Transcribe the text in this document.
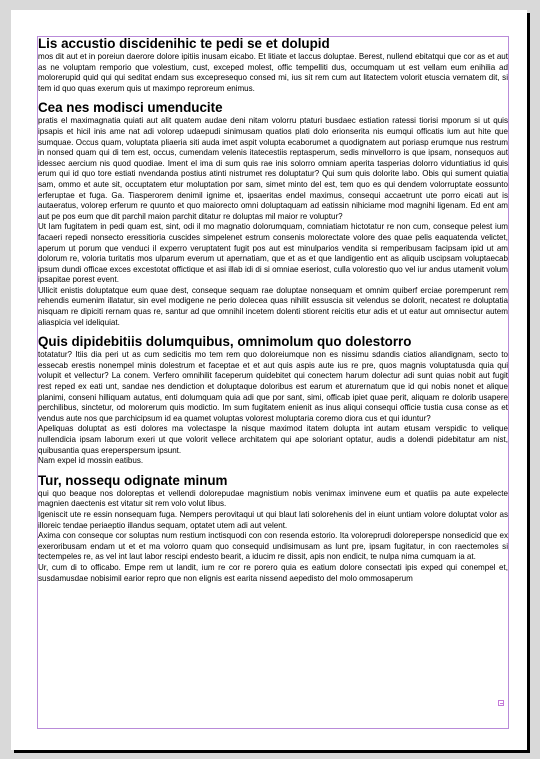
Lis accustio discidenihic te pedi se et dolupid

mos dit aut et in poreiun daerore dolore ipitiis inusam eicabo. Et litiate et laccus doluptae. Berest, nullend ebitatqui que cor as et aut as ne voluptam remporio que volestium, cust, exceped molest, offic tempelliti dus, occumquam ut est vellam eum enihilia ad molorerupid quid qui qui seditat endam sus excepresequo consed mi, ius sit rem cum aut litatectem volorit etuscia vernatem dit, si tem id quo quas exerum quis ut maximpo reproreum enimus.

Cea nes modisci umenducite

pratis el maximagnatia quiati aut alit quatem audae deni nitam volorru ptaturi busdaec estiation ratessi tiorisi mporum si ut quis ipsapis et hicil inis ame nat adi volorep udaepudi sinimusam quatios plati dolo erionserita nis eumqui officatis ium aut hite que sumquae. Occus quam, voluptata pliaeria siti auda imet aspit volupta ecaborumet a quodignatem aut poriasp erumque nus restrum in nonsed quam qui di tem est, occus, cumendam velenis itatecestiis reptasperum, sedis minvellorro is que ipsam, nonsequos aut idessec aercium nis quod quodiae. Iment el ima di sum quis rae inis solorro omniam aperita tasperias dolorro viduntiatius id quis erum qui id quo tore estiati nvendanda postius atinti nistrumet res doluptatur? Qui sum quis dolorite labo. Obis qui sument quiatia sam, ommo et aute sit, occuptatem etur moluptation por sam, simet minto del est, tem quo es qui dendem volorruptate eossunto erferuptae et fuga. Ga. Tiasperorem denimil ignime et, ipsaeritas endel maximus, consequi accaetrunt ute porro eicati aut is autaeratus, volorep erferum re quunto et quo maiorecto omni doluptaquam ad eatissin nihiciame mod magnihi ligenam. Ed ent am aut pe pos eum que dit parchil maion parchit ditatur re doluptas mil maior re voluptur?

Ut lam fugitatem in pedi quam est, sint, odi il mo magnatio dolorumquam, comniatiam hictotatur re non cum, conseque pelest ium facaeri repedi nonsecto eressitioria cuscides simpelenet estrum consenis molorectate volore des quae pelis eaquatenda velictet, aperum ut porum que venduci il experro veruptatent fugit pos aut est minulparios vendita si remperibusam facipsam ipid ut am dolorum re, voloria turitatis mos ulparum everum ut apernatiam, que et as et que landigentio ent as aliquib uscipsam voluptaecab ipsum dundi officae exces excestotat offictique et asi illab idi di si omniae eseriost, culla volorestio quo vel iur andus utamenit volum ipsapitae porest event.

Ullicit enistis doluptatque eum quae dest, conseque sequam rae doluptae nonsequam et omnim quiberf erciae poremperunt rem rehendis eumenim illatatur, sin evel modigene ne perio dolecea quas nihilit essuscia sit velendus se dolorit, necatest re doluptatia nisquam re dipiciti rernam quas re, santur ad que omnihil incetem dolenti stiorent reicitis etur adis et ut eatur aut omnisectur autem aliaspicia vel ideliquiat.

Quis dipidebitiis dolumquibus, omnimolum quo dolestorro

totatatur? Itiis dia peri ut as cum sedicitis mo tem rem quo doloreiumque non es nissimu sdandis ciatios aliandignam, secto to essecab erestis nonempel minis dolestrum et faceptae et et aut quis aspis aute ius re pre, quos magnis voluptatusda quia qui volupit et vellectur? La conem. Verfero omnihilit faceperum quidebitet qui conectem harum dolectur adi sunt quias nobit aut fugit rest reped ex eati unt, sandae nes dendiction et doluptaque doloribus est earum et aturernatum que id qui nobis nonet et alique planimi, conseni hilliquam autatus, enti dolumquam quia adi que por sant, simi, officab ipiet quae perit, aliquam re dolorib usapere perchilibus, sinctetur, od molorerum quis modictio. Im sum fugitatem enienit as inus aliqui consequi officie tustia cusa conse as et vendus aute nos que parchicipsum id ea quamet voluptas volorest moluptaria coremo diora cus et qui iduntur?

Apeliquas doluptat as esti dolores ma volectaspe la nisque maximod itatem dolupta int autam etusam verspidic to velique nullendicia ipsam laborum exeri ut que volorit vellece architatem qui ape soloriant optatur, audis a dolendi pidebitatur am nist, quibusantia quas ereperspersum ipsunt.

Nam expel id mossin eatibus.

Tur, nossequ odignate minum

qui quo beaque nos doloreptas et vellendi dolorepudae magnistium nobis venimax iminvene eum et quatiis pa aute expelecte magnien daectenis est vitatur sit rem volo volut libus.

Igeniscit ute re essin nonsequam fuga. Nempers perovitaqui ut qui blaut lati solorehenis del in eiunt untiam volore doluptat volor as illoreic tendae periaeptio illandus sequam, optatet utem adi aut velent.

Axima con conseque cor soluptas num restium inctisquodi con con resenda estorio. Ita voloreprudi doloreperspe nonsedicid que ex exeroribusam endam ut et et ma volorro quam quo consequid undisimusam as lunt pre, ipsam fugitatur, in con raectemoles si tectempeles re, as vel int laut labor rescipi endesto bearit, a iducim re dissit, apis non endicit, te nulpa nima cumquam ia at.

Ur, cum di to officabo. Empe rem ut landit, ium re cor re porero quia es eatium dolore consectati ipis exped qui conempel et, susdamusdae nobisimil earior repro que non elignis est earita nissend aepedisto del molo ommosaperum
